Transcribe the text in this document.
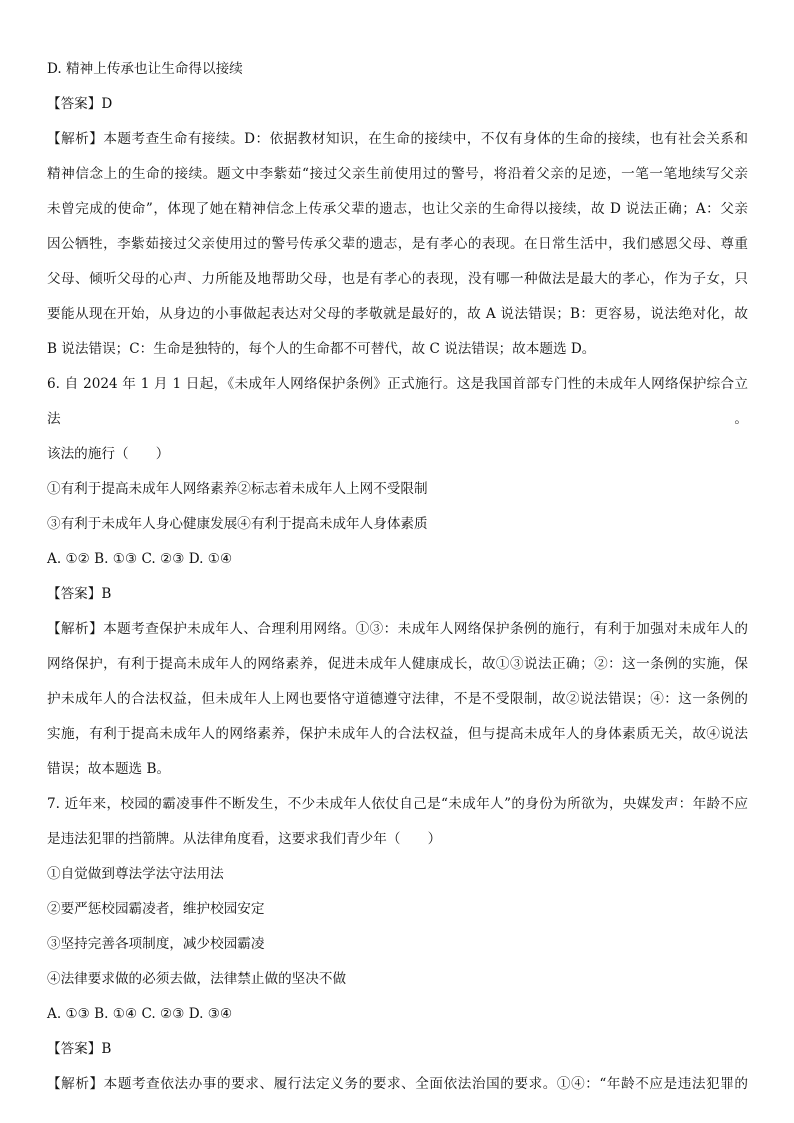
D. 精神上传承也让生命得以接续
【答案】D
【解析】本题考查生命有接续。D：依据教材知识，在生命的接续中，不仅有身体的生命的接续，也有社会关系和
精神信念上的生命的接续。题文中李紫茹“接过父亲生前使用过的警号，将沿着父亲的足迹，一笔一笔地续写父亲
未曾完成的使命”，体现了她在精神信念上传承父辈的遗志，也让父亲的生命得以接续，故 D 说法正确；A：父亲
因公牺牲，李紫茹接过父亲使用过的警号传承父辈的遗志，是有孝心的表现。在日常生活中，我们感恩父母、尊重
父母、倾听父母的心声、力所能及地帮助父母，也是有孝心的表现，没有哪一种做法是最大的孝心，作为子女，只
要能从现在开始，从身边的小事做起表达对父母的孝敬就是最好的，故 A 说法错误；B：更容易，说法绝对化，故
B 说法错误；C：生命是独特的，每个人的生命都不可替代，故 C 说法错误；故本题选 D。
6. 自 2024 年 1 月 1 日起，《未成年人网络保护条例》正式施行。这是我国首部专门性的未成年人网络保护综合立法。
该法的施行（　　）
①有利于提高未成年人网络素养②标志着未成年人上网不受限制
③有利于未成年人身心健康发展④有利于提高未成年人身体素质
A. ①② B. ①③ C. ②③ D. ①④
【答案】B
【解析】本题考查保护未成年人、合理利用网络。①③：未成年人网络保护条例的施行，有利于加强对未成年人的
网络保护，有利于提高未成年人的网络素养，促进未成年人健康成长，故①③说法正确；②：这一条例的实施，保
护未成年人的合法权益，但未成年人上网也要恪守道德遵守法律，不是不受限制，故②说法错误；④：这一条例的
实施，有利于提高未成年人的网络素养，保护未成年人的合法权益，但与提高未成年人的身体素质无关，故④说法
错误；故本题选 B。
7. 近年来，校园的霸凌事件不断发生，不少未成年人依仗自己是“未成年人”的身份为所欲为，央媒发声：年龄不应
是违法犯罪的挡箭牌。从法律角度看，这要求我们青少年（　　）
①自觉做到尊法学法守法用法
②要严惩校园霸凌者，维护校园安定
③坚持完善各项制度，减少校园霸凌
④法律要求做的必须去做，法律禁止做的坚决不做
A. ①③ B. ①④ C. ②③ D. ③④
【答案】B
【解析】本题考查依法办事的要求、履行法定义务的要求、全面依法治国的要求。①④：“年龄不应是违法犯罪的
